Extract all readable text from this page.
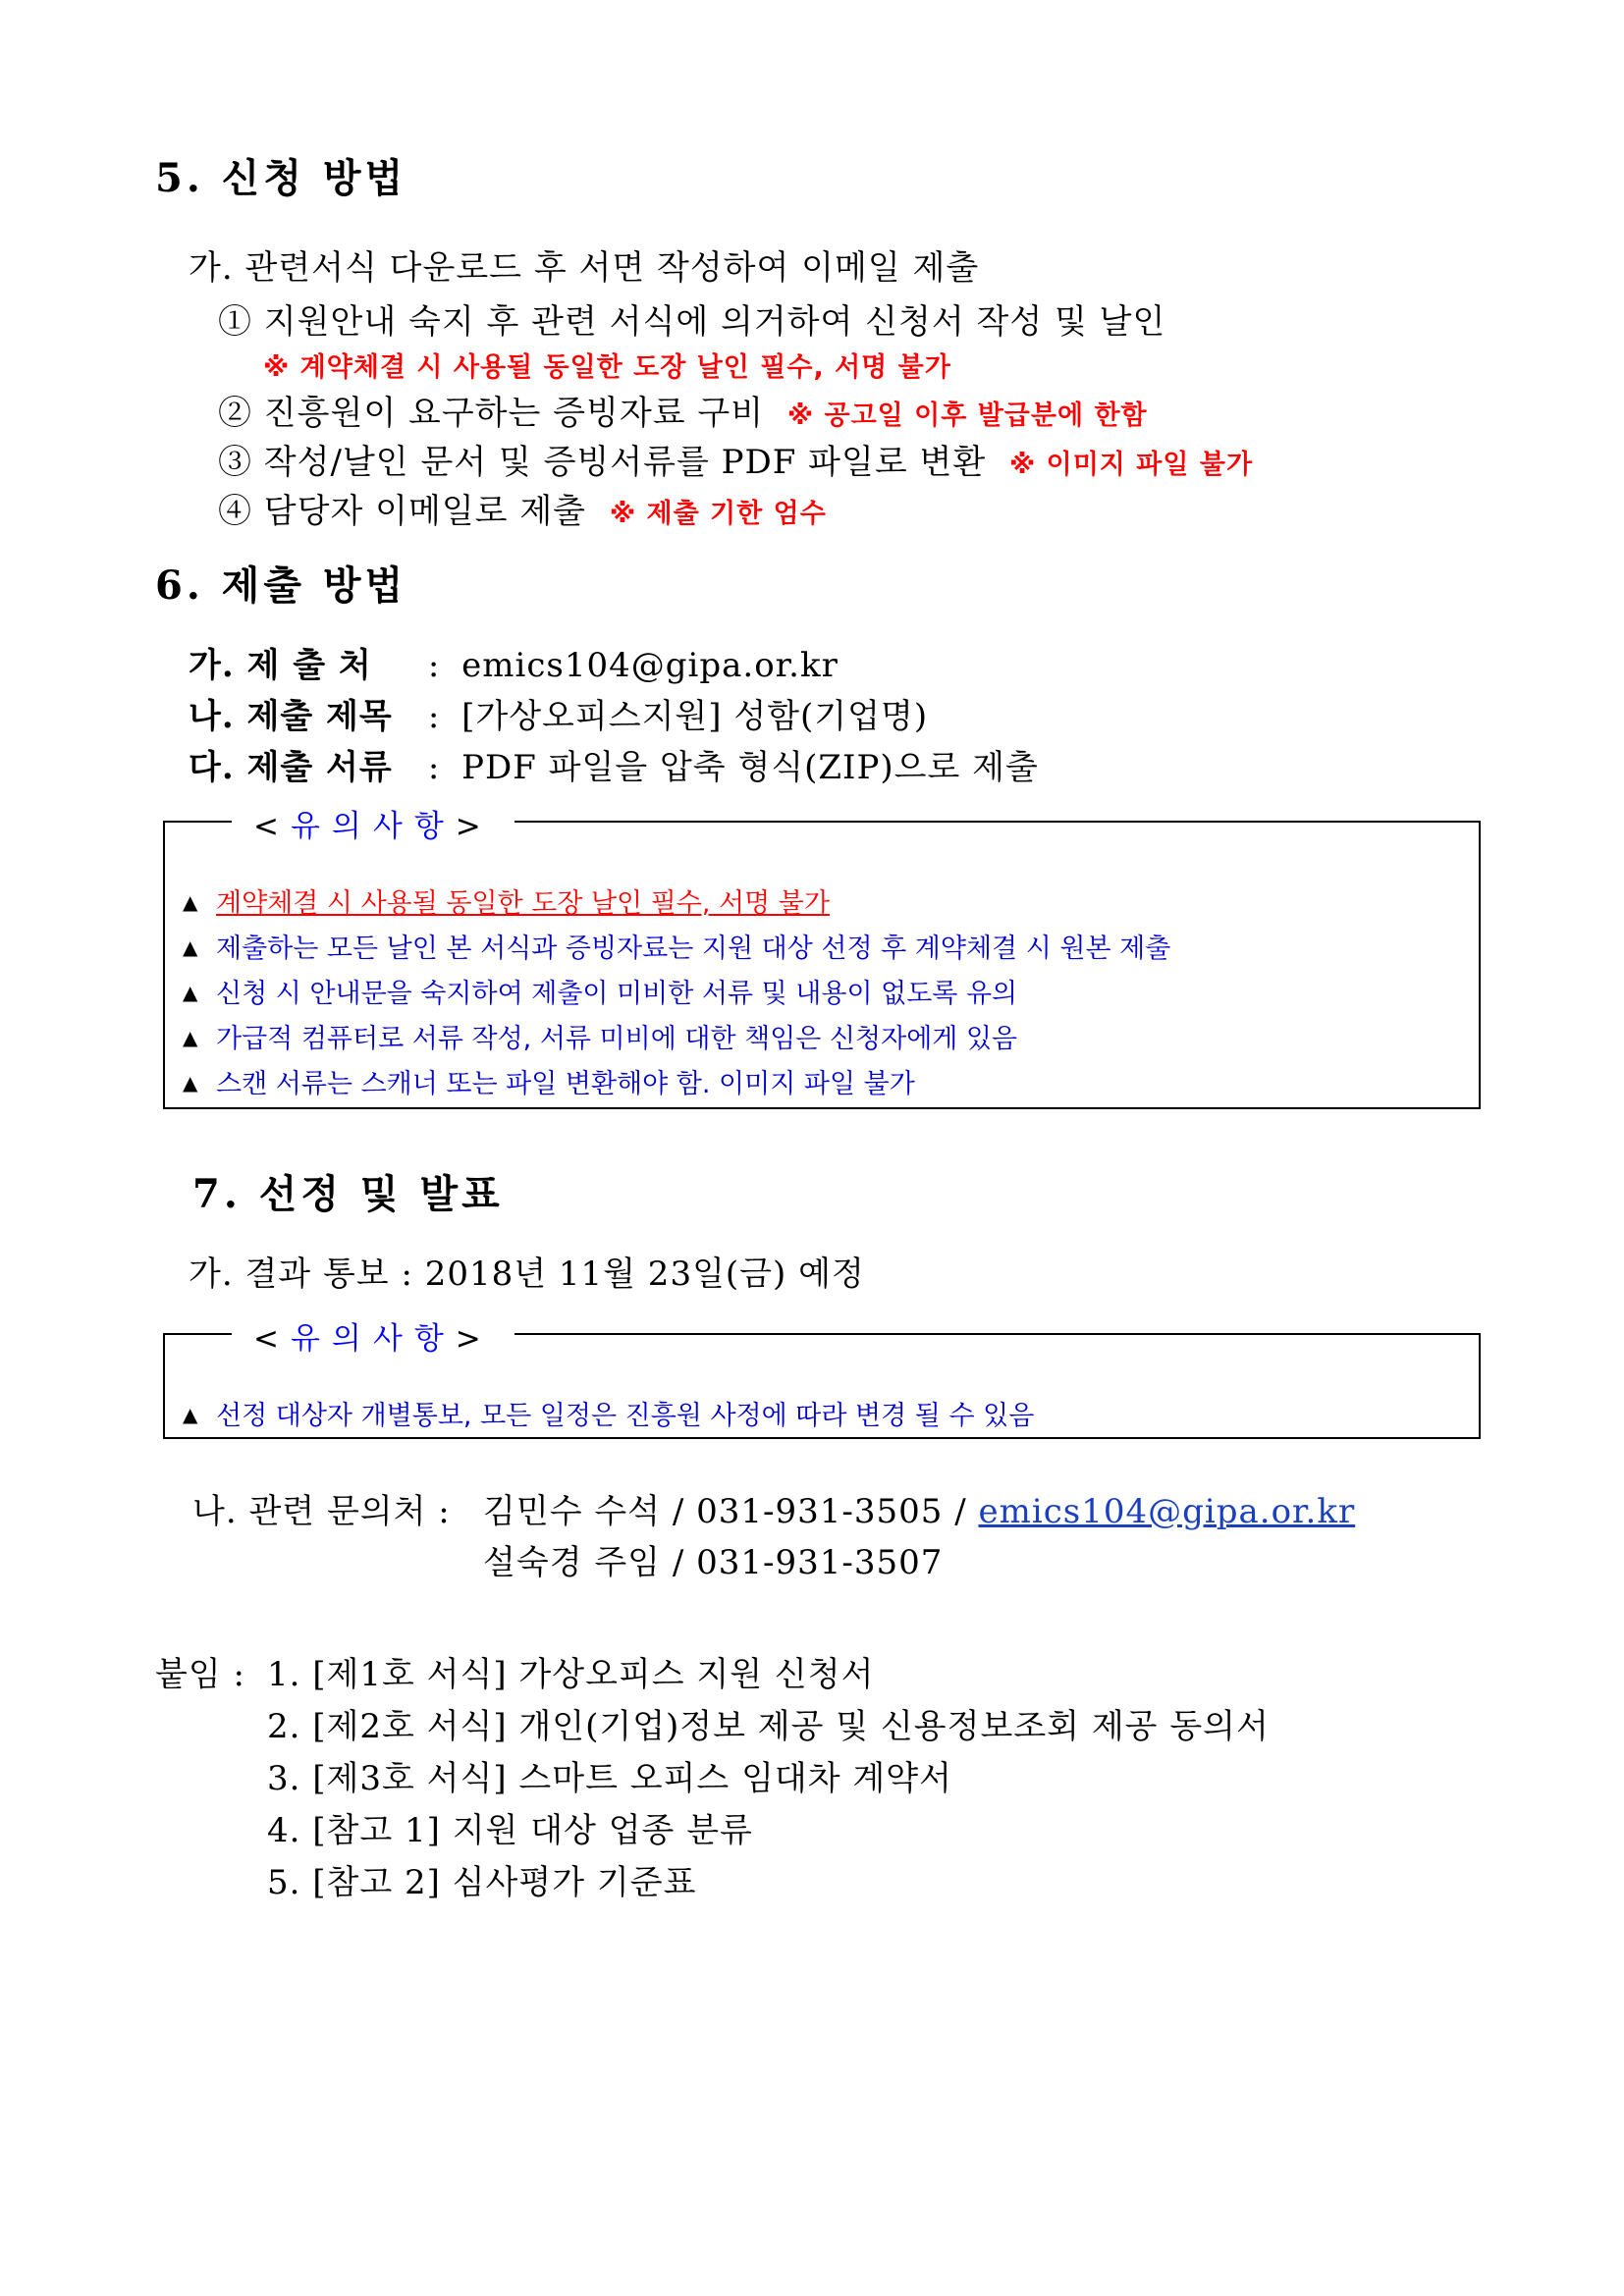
5. 신청 방법
가. 관련서식 다운로드 후 서면 작성하여 이메일 제출
① 지원안내 숙지 후 관련 서식에 의거하여 신청서 작성 및 날인
※ 계약체결 시 사용될 동일한 도장 날인 필수, 서명 불가
② 진흥원이 요구하는 증빙자료 구비 ※ 공고일 이후 발급분에 한함
③ 작성/날인 문서 및 증빙서류를 PDF 파일로 변환 ※ 이미지 파일 불가
④ 담당자 이메일로 제출 ※ 제출 기한 엄수
6. 제출 방법
가. 제 출 처 : emics104@gipa.or.kr
나. 제출 제목 : [가상오피스지원] 성함(기업명)
다. 제출 서류 : PDF 파일을 압축 형식(ZIP)으로 제출
<유의사항>
▲ 계약체결 시 사용될 동일한 도장 날인 필수, 서명 불가
▲ 제출하는 모든 날인 본 서식과 증빙자료는 지원 대상 선정 후 계약체결 시 원본 제출
▲ 신청 시 안내문을 숙지하여 제출이 미비한 서류 및 내용이 없도록 유의
▲ 가급적 컴퓨터로 서류 작성, 서류 미비에 대한 책임은 신청자에게 있음
▲ 스캔 서류는 스캐너 또는 파일 변환해야 함. 이미지 파일 불가
7. 선정 및 발표
가. 결과 통보 : 2018년 11월 23일(금) 예정
<유의사항>
▲ 선정 대상자 개별통보, 모든 일정은 진흥원 사정에 따라 변경 될 수 있음
나. 관련 문의처 : 김민수 수석 / 031-931-3505 / emics104@gipa.or.kr
설숙경 주임 / 031-931-3507
붙임 : 1. [제1호 서식] 가상오피스 지원 신청서
2. [제2호 서식] 개인(기업)정보 제공 및 신용정보조회 제공 동의서
3. [제3호 서식] 스마트 오피스 임대차 계약서
4. [참고 1] 지원 대상 업종 분류
5. [참고 2] 심사평가 기준표
